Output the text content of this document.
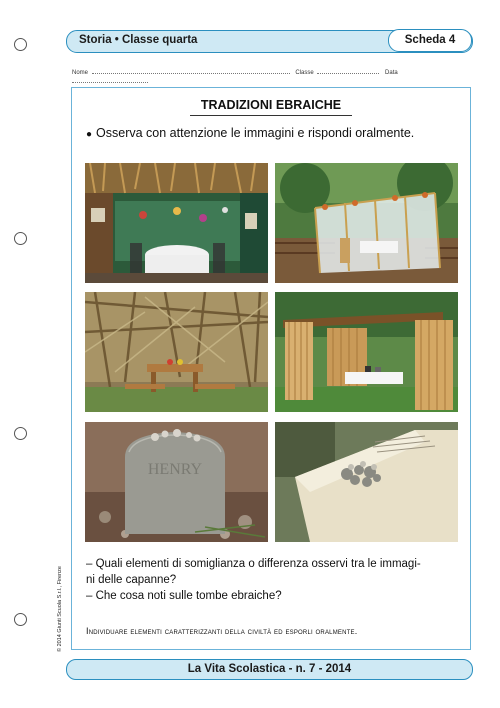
Storia • Classe quarta	Scheda 4
Nome	Classe	Data
TRADIZIONI EBRAICHE
● Osserva con attenzione le immagini e rispondi oralmente.
HENRY
– Quali elementi di somiglianza o differenza osservi tra le immagi-
ni delle capanne?
– Che cosa noti sulle tombe ebraiche?
Individuare elementi caratterizzanti della civiltà ed esporli oralmente.
© 2014 Giunti Scuola S.r.l., Firenze
La Vita Scolastica - n. 7 - 2014
